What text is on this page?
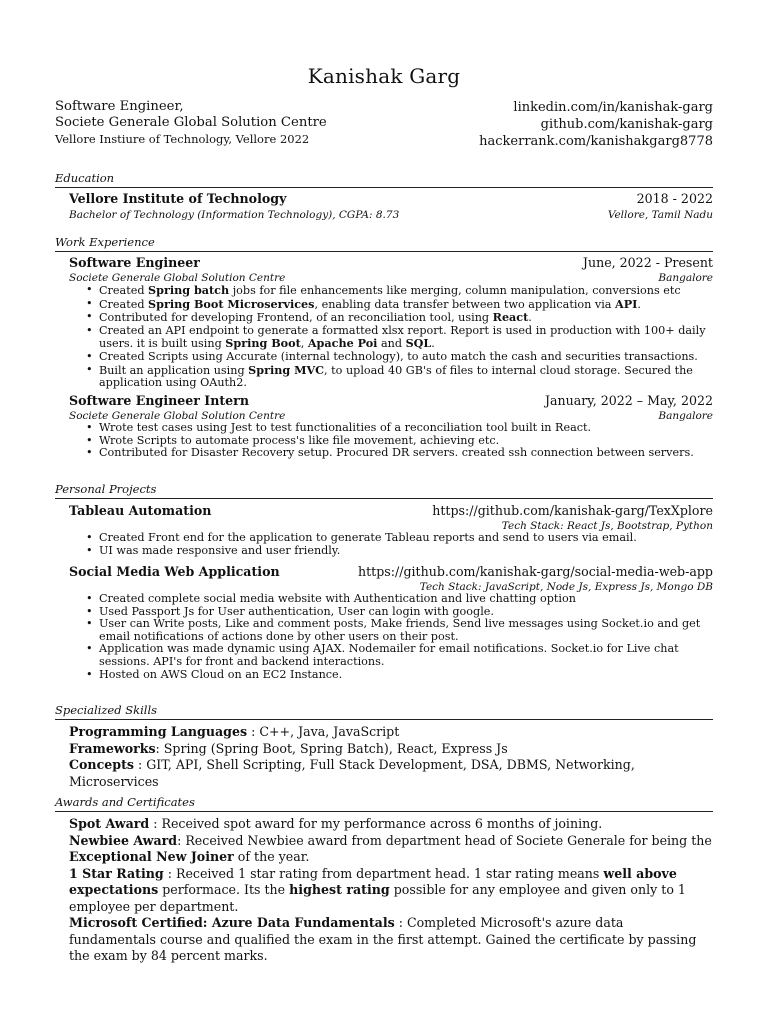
Kanishak Garg
Software Engineer,
Societe Generale Global Solution Centre
Vellore Instiure of Technology, Vellore 2022
linkedin.com/in/kanishak-garg
github.com/kanishak-garg
hackerrank.com/kanishakgarg8778
Education
Vellore Institute of Technology	2018 - 2022
Bachelor of Technology (Information Technology), CGPA: 8.73	Vellore, Tamil Nadu
Work Experience
Software Engineer	June, 2022 - Present
Societe Generale Global Solution Centre	Bangalore
• Created Spring batch jobs for file enhancements like merging, column manipulation, conversions etc
• Created Spring Boot Microservices, enabling data transfer between two application via API.
• Contributed for developing Frontend, of an reconciliation tool, using React.
• Created an API endpoint to generate a formatted xlsx report. Report is used in production with 100+ daily users. it is built using Spring Boot, Apache Poi and SQL.
• Created Scripts using Accurate (internal technology), to auto match the cash and securities transactions.
• Built an application using Spring MVC, to upload 40 GB's of files to internal cloud storage. Secured the application using OAuth2.
Software Engineer Intern	January, 2022 – May, 2022
Societe Generale Global Solution Centre	Bangalore
• Wrote test cases using Jest to test functionalities of a reconciliation tool built in React.
• Wrote Scripts to automate process's like file movement, achieving etc.
• Contributed for Disaster Recovery setup. Procured DR servers. created ssh connection between servers.
Personal Projects
Tableau Automation	https://github.com/kanishak-garg/TexXplore
Tech Stack: React Js, Bootstrap, Python
• Created Front end for the application to generate Tableau reports and send to users via email.
• UI was made responsive and user friendly.
Social Media Web Application	https://github.com/kanishak-garg/social-media-web-app
Tech Stack: JavaScript, Node Js, Express Js, Mongo DB
• Created complete social media website with Authentication and live chatting option
• Used Passport Js for User authentication, User can login with google.
• User can Write posts, Like and comment posts, Make friends, Send live messages using Socket.io and get email notifications of actions done by other users on their post.
• Application was made dynamic using AJAX. Nodemailer for email notifications. Socket.io for Live chat sessions. API's for front and backend interactions.
• Hosted on AWS Cloud on an EC2 Instance.
Specialized Skills
Programming Languages : C++, Java, JavaScript
Frameworks: Spring (Spring Boot, Spring Batch), React, Express Js
Concepts : GIT, API, Shell Scripting, Full Stack Development, DSA, DBMS, Networking, Microservices
Awards and Certificates
Spot Award : Received spot award for my performance across 6 months of joining.
Newbiee Award: Received Newbiee award from department head of Societe Generale for being the Exceptional New Joiner of the year.
1 Star Rating : Received 1 star rating from department head. 1 star rating means well above expectations performace. Its the highest rating possible for any employee and given only to 1 employee per department.
Microsoft Certified: Azure Data Fundamentals : Completed Microsoft's azure data fundamentals course and qualified the exam in the first attempt. Gained the certificate by passing the exam by 84 percent marks.
